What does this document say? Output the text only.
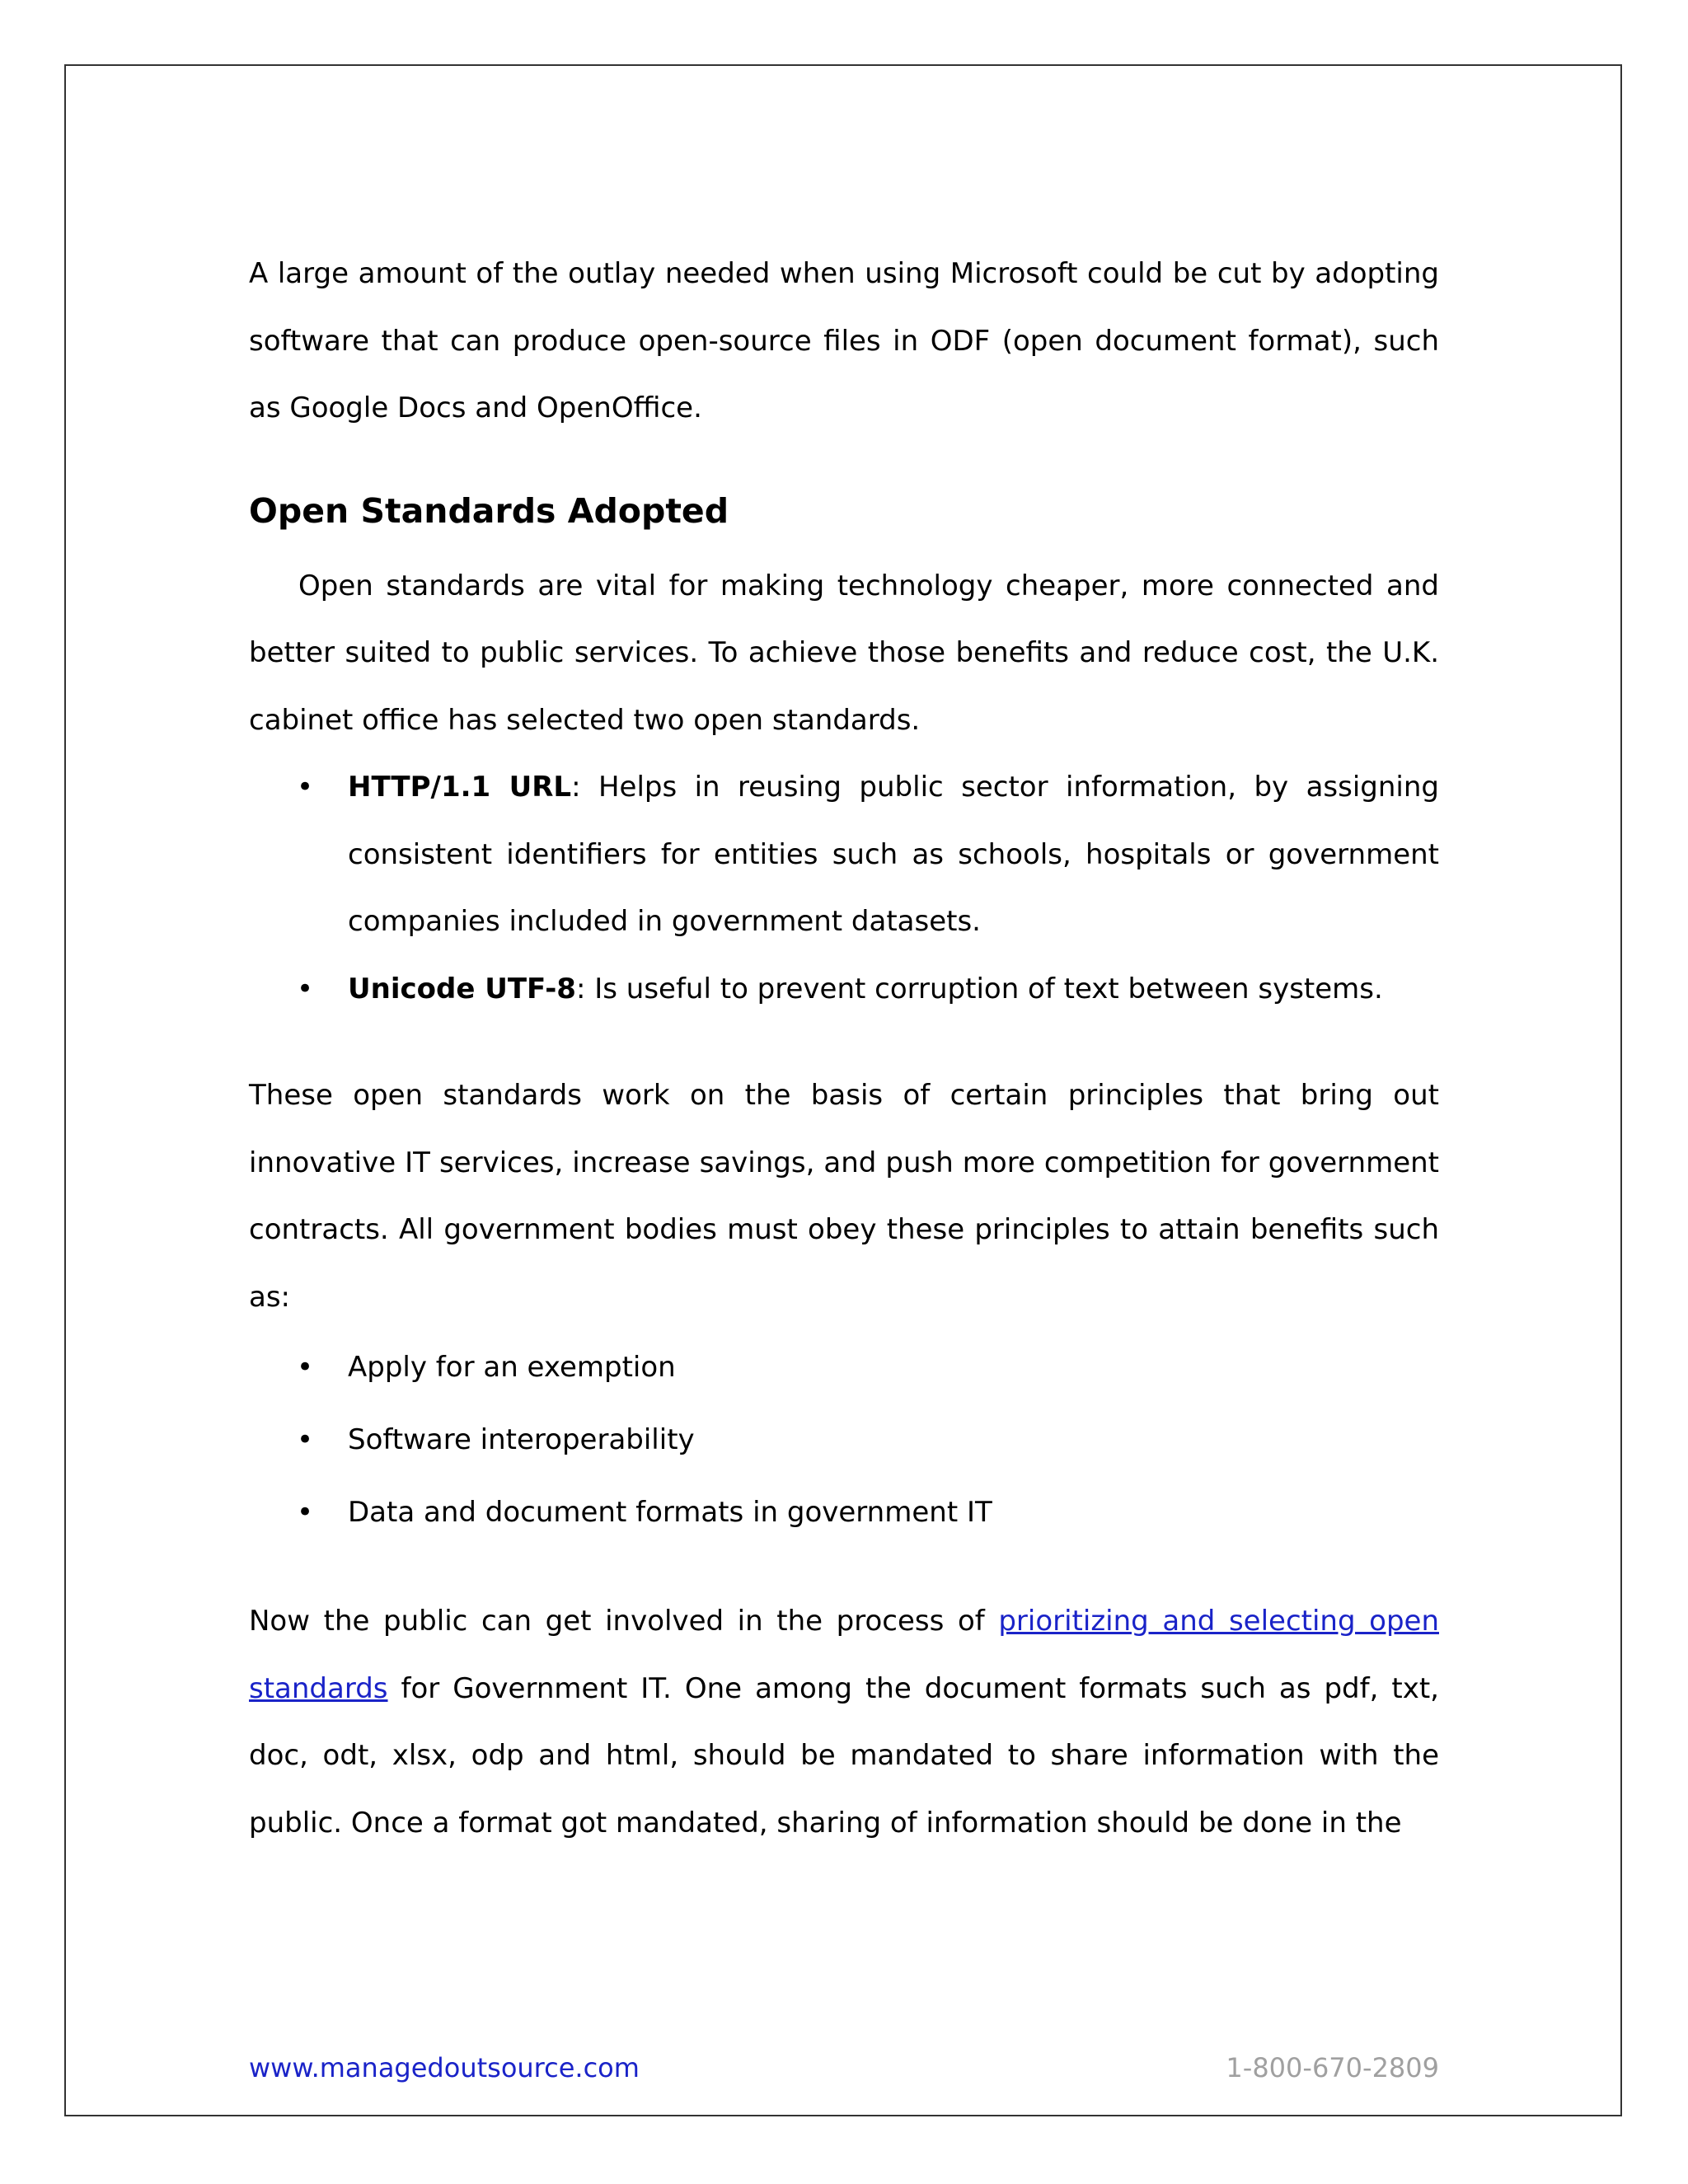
A large amount of the outlay needed when using Microsoft could be cut by adopting software that can produce open-source files in ODF (open document format), such as Google Docs and OpenOffice.

Open Standards Adopted

Open standards are vital for making technology cheaper, more connected and better suited to public services. To achieve those benefits and reduce cost, the U.K. cabinet office has selected two open standards.

• HTTP/1.1 URL: Helps in reusing public sector information, by assigning consistent identifiers for entities such as schools, hospitals or government companies included in government datasets.
• Unicode UTF-8: Is useful to prevent corruption of text between systems.

These open standards work on the basis of certain principles that bring out innovative IT services, increase savings, and push more competition for government contracts. All government bodies must obey these principles to attain benefits such as:

• Apply for an exemption
• Software interoperability
• Data and document formats in government IT

Now the public can get involved in the process of prioritizing and selecting open standards for Government IT. One among the document formats such as pdf, txt, doc, odt, xlsx, odp and html, should be mandated to share information with the public. Once a format got mandated, sharing of information should be done in the

www.managedoutsource.com	1-800-670-2809
